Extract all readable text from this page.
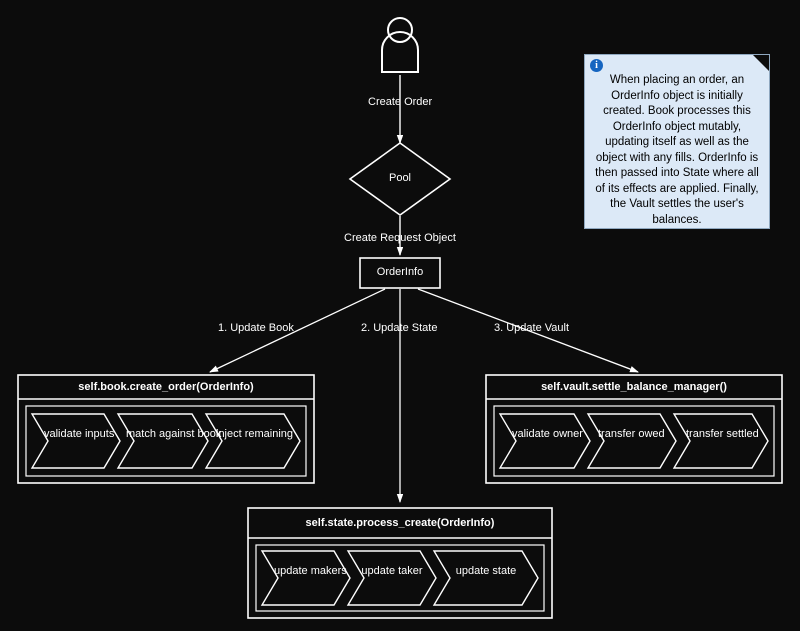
Create Order
Pool
Create Request Object
OrderInfo
1. Update Book	2. Update State	3. Update Vault
self.book.create_order(OrderInfo)
validate inputs match against book
inject remaining
self.vault.settle_balance_manager()
validate owner transfer owed transfer settled
self.state.process_create(OrderInfo)
update makers update taker	update state
i
When placing an order, an OrderInfo object is initially created. Book processes this OrderInfo object mutably, updating itself as well as the object with any fills. OrderInfo is then passed into State where all of its effects are applied. Finally, the Vault settles the user's balances.
